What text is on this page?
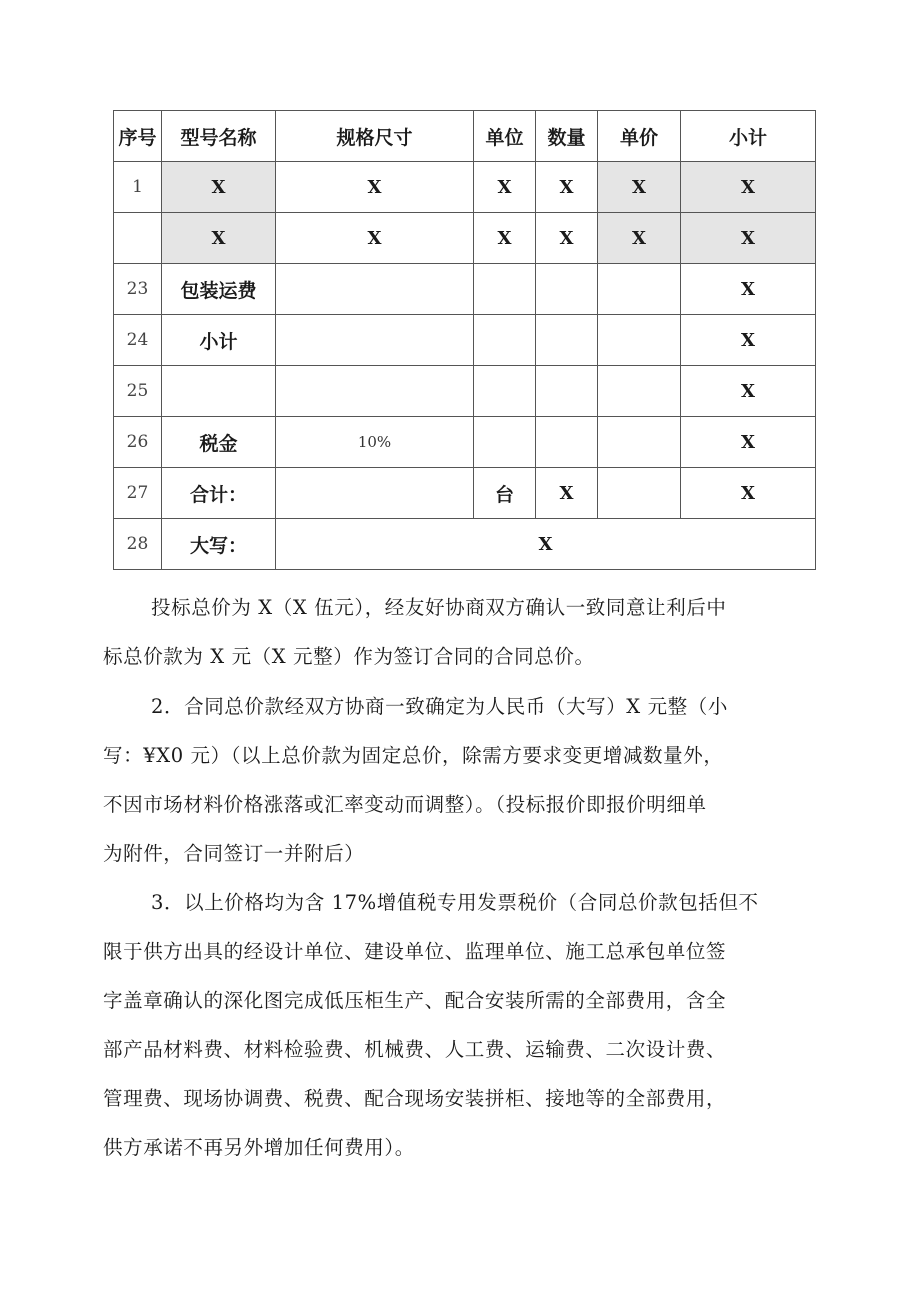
序号	型号名称	规格尺寸	单位	数量	单价	小计
1	X	X	X	X	X	X
	X	X	X	X	X	X
23	包装运费					X
24	小计					X
25						X
26	税金	10%				X
27	合计：		台	X		X
28	大写：	X				

投标总价为 X（X 伍元），经友好协商双方确认一致同意让利后中
标总价款为 X 元（X 元整）作为签订合同的合同总价。

2．合同总价款经双方协商一致确定为人民币（大写）X 元整（小
写：¥X0 元）（以上总价款为固定总价，除需方要求变更增减数量外，
不因市场材料价格涨落或汇率变动而调整）。（投标报价即报价明细单
为附件，合同签订一并附后）

3．以上价格均为含 17%增值税专用发票税价（合同总价款包括但不
限于供方出具的经设计单位、建设单位、监理单位、施工总承包单位签
字盖章确认的深化图完成低压柜生产、配合安装所需的全部费用，含全
部产品材料费、材料检验费、机械费、人工费、运输费、二次设计费、
管理费、现场协调费、税费、配合现场安装拼柜、接地等的全部费用，
供方承诺不再另外增加任何费用）。
